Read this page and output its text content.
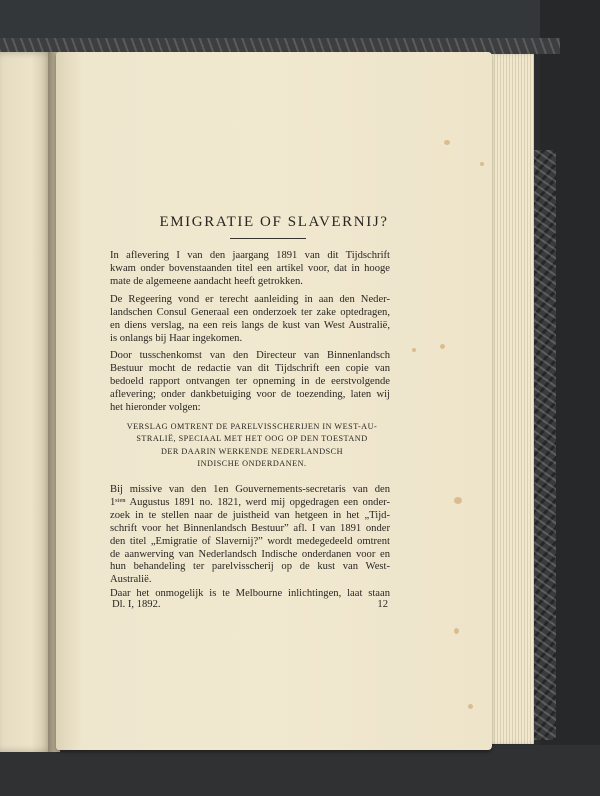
EMIGRATIE OF SLAVERNIJ?
In aflevering I van den jaargang 1891 van dit Tijdschrift
kwam onder bovenstaanden titel een artikel voor, dat in hooge
mate de algemeene aandacht heeft getrokken.
De Regeering vond er terecht aanleiding in aan den Neder-
landschen Consul Generaal een onderzoek ter zake optedragen,
en diens verslag, na een reis langs de kust van West Australië,
is onlangs bij Haar ingekomen.
Door tusschenkomst van den Directeur van Binnenlandsch
Bestuur mocht de redactie van dit Tijdschrift een copie van
bedoeld rapport ontvangen ter opneming in de eerstvolgende
aflevering; onder dankbetuiging voor de toezending, laten wij
het hieronder volgen:
VERSLAG OMTRENT DE PARELVISSCHERIJEN IN WEST-AU-
STRALIË, SPECIAAL MET HET OOG OP DEN TOESTAND
DER DAARIN WERKENDE NEDERLANDSCH
INDISCHE ONDERDANEN.
Bij missive van den 1en Gouvernements-secretaris van den
1ˢᵗᵉⁿ Augustus 1891 no. 1821, werd mij opgedragen een onder-
zoek in te stellen naar de juistheid van hetgeen in het „Tijd-
schrift voor het Binnenlandsch Bestuur” afl. I van 1891 onder
den titel „Emigratie of Slavernij?” wordt medegedeeld omtrent
de aanwerving van Nederlandsch Indische onderdanen voor en
hun behandeling ter parelvisscherij op de kust van West-
Australië.
Daar het onmogelijk is te Melbourne inlichtingen, laat staan
Dl. I, 1892.	12
